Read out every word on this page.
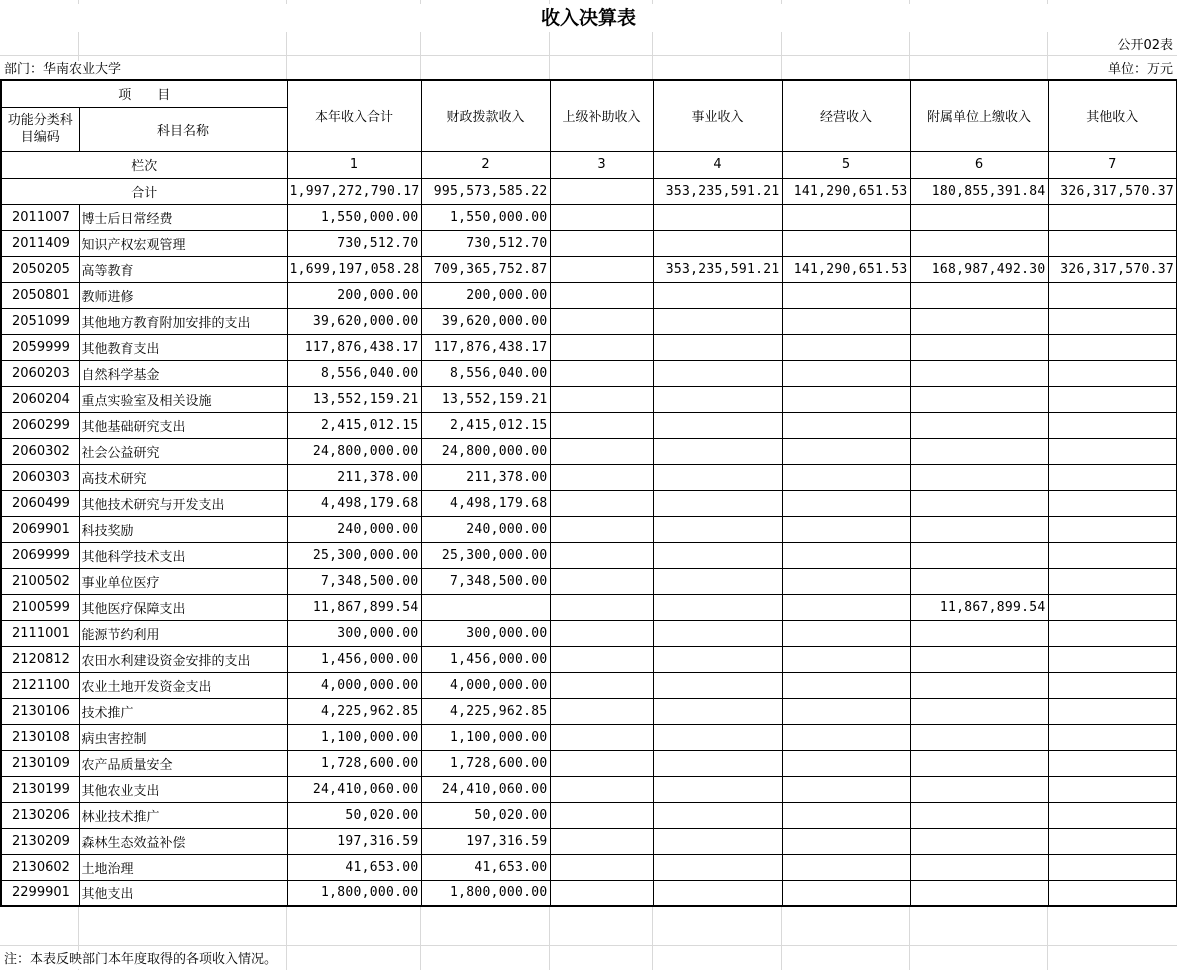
收入决算表
公开02表
部门：华南农业大学	单位：万元
项　　目		本年收入合计	财政拨款收入	上级补助收入	事业收入	经营收入	附属单位上缴收入	其他收入
功能分类科目编码	科目名称							
栏次		1	2	3	4	5	6	7
合计		1,997,272,790.17	995,573,585.22		353,235,591.21	141,290,651.53	180,855,391.84	326,317,570.37
2011007	博士后日常经费	1,550,000.00	1,550,000.00					
2011409	知识产权宏观管理	730,512.70	730,512.70					
2050205	高等教育	1,699,197,058.28	709,365,752.87		353,235,591.21	141,290,651.53	168,987,492.30	326,317,570.37
2050801	教师进修	200,000.00	200,000.00					
2051099	其他地方教育附加安排的支出	39,620,000.00	39,620,000.00					
2059999	其他教育支出	117,876,438.17	117,876,438.17					
2060203	自然科学基金	8,556,040.00	8,556,040.00					
2060204	重点实验室及相关设施	13,552,159.21	13,552,159.21					
2060299	其他基础研究支出	2,415,012.15	2,415,012.15					
2060302	社会公益研究	24,800,000.00	24,800,000.00					
2060303	高技术研究	211,378.00	211,378.00					
2060499	其他技术研究与开发支出	4,498,179.68	4,498,179.68					
2069901	科技奖励	240,000.00	240,000.00					
2069999	其他科学技术支出	25,300,000.00	25,300,000.00					
2100502	事业单位医疗	7,348,500.00	7,348,500.00					
2100599	其他医疗保障支出	11,867,899.54					11,867,899.54	
2111001	能源节约利用	300,000.00	300,000.00					
2120812	农田水利建设资金安排的支出	1,456,000.00	1,456,000.00					
2121100	农业土地开发资金支出	4,000,000.00	4,000,000.00					
2130106	技术推广	4,225,962.85	4,225,962.85					
2130108	病虫害控制	1,100,000.00	1,100,000.00					
2130109	农产品质量安全	1,728,600.00	1,728,600.00					
2130199	其他农业支出	24,410,060.00	24,410,060.00					
2130206	林业技术推广	50,020.00	50,020.00					
2130209	森林生态效益补偿	197,316.59	197,316.59					
2130602	土地治理	41,653.00	41,653.00					
2299901	其他支出	1,800,000.00	1,800,000.00					
注：本表反映部门本年度取得的各项收入情况。
